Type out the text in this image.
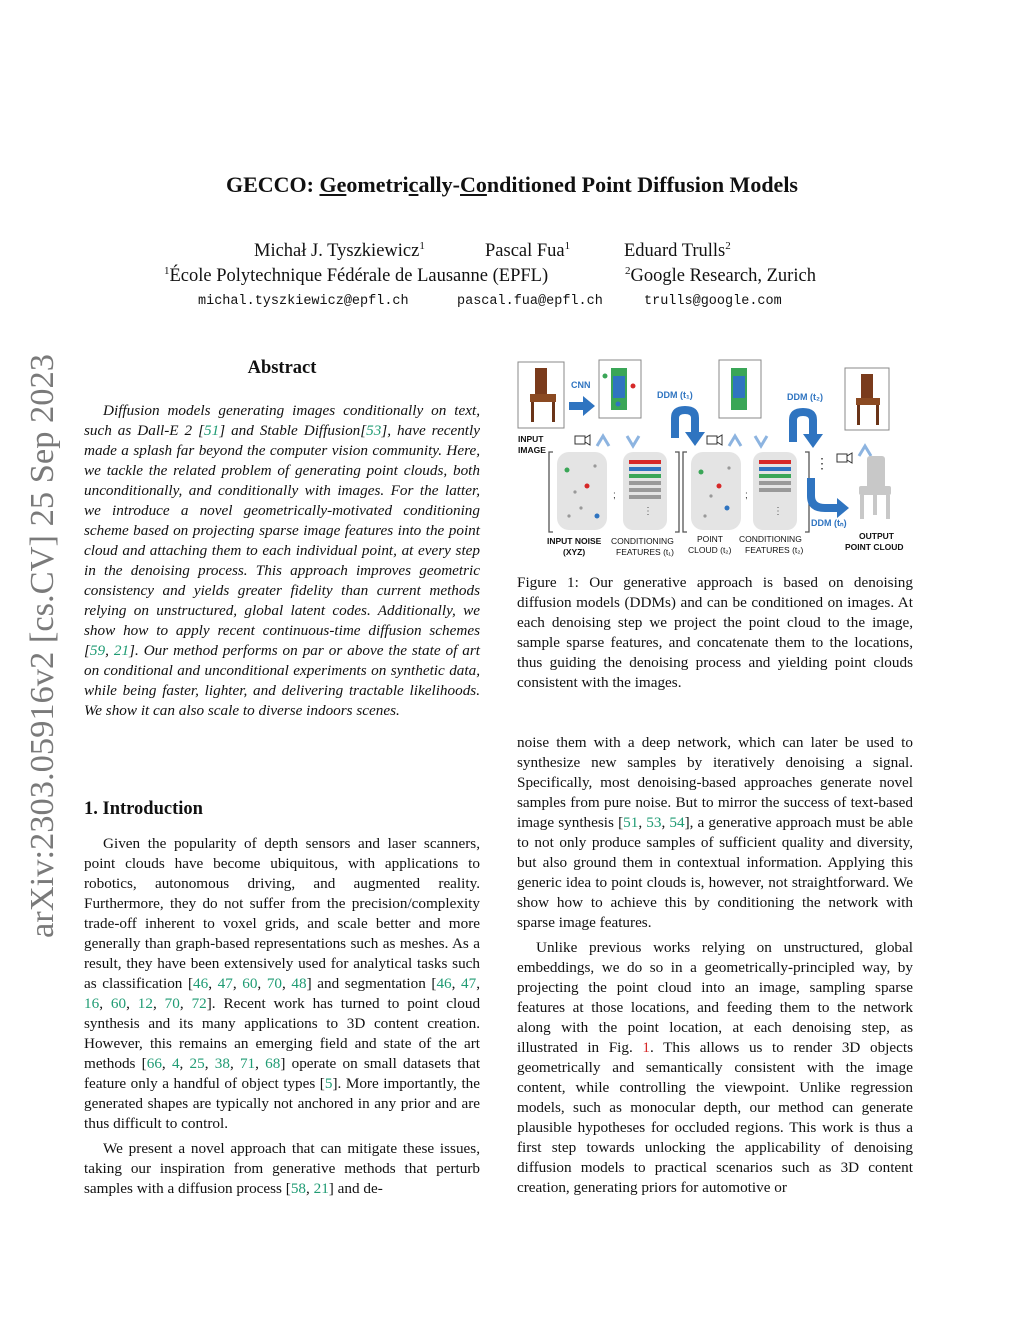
arXiv:2303.05916v2 [cs.CV] 25 Sep 2023
GECCO: Geometrically-Conditioned Point Diffusion Models
Michał J. Tyszkiewicz$^1$	Pascal Fua$^1$	Eduard Trulls$^2$
$^1$École Polytechnique Fédérale de Lausanne (EPFL)	$^2$Google Research, Zurich
michal.tyszkiewicz@epfl.ch	pascal.fua@epfl.ch	trulls@google.com
Abstract

Diffusion models generating images conditionally on text, such as Dall-E 2 [51] and Stable Diffusion[53], have recently made a splash far beyond the computer vision community. Here, we tackle the related problem of generating point clouds, both unconditionally, and conditionally with images. For the latter, we introduce a novel geometrically-motivated conditioning scheme based on projecting sparse image features into the point cloud and attaching them to each individual point, at every step in the denoising process. This approach improves geometric consistency and yields greater fidelity than current methods relying on unstructured, global latent codes. Additionally, we show how to apply recent continuous-time diffusion schemes [59, 21]. Our method performs on par or above the state of art on conditional and unconditional experiments on synthetic data, while being faster, lighter, and delivering tractable likelihoods. We show it can also scale to diverse indoors scenes.

1. Introduction

Given the popularity of depth sensors and laser scanners, point clouds have become ubiquitous, with applications to robotics, autonomous driving, and augmented reality. Furthermore, they do not suffer from the precision/complexity trade-off inherent to voxel grids, and scale better and more generally than graph-based representations such as meshes. As a result, they have been extensively used for analytical tasks such as classification [46, 47, 60, 70, 48] and segmentation [46, 47, 16, 60, 12, 70, 72]. Recent work has turned to point cloud synthesis and its many applications to 3D content creation. However, this remains an emerging field and state of the art methods [66, 4, 25, 38, 71, 68] operate on small datasets that feature only a handful of object types [5]. More importantly, the generated shapes are typically not anchored in any prior and are thus difficult to control.

We present a novel approach that can mitigate these issues, taking our inspiration from generative methods that perturb samples with a diffusion process [58, 21] and de-

INPUT
IMAGE
CNN
DDM (t₁)	DDM (t₂)
;
⋮
;
⋮
⋮
DDM (tₙ)
INPUT NOISE
(XYZ)
CONDITIONING
FEATURES (t₁)
POINT
CLOUD (t₂)
CONDITIONING
FEATURES (t₂)
OUTPUT
POINT CLOUD

Figure 1: Our generative approach is based on denoising diffusion models (DDMs) and can be conditioned on images. At each denoising step we project the point cloud to the image, sample sparse features, and concatenate them to the locations, thus guiding the denoising process and yielding point clouds consistent with the images.

noise them with a deep network, which can later be used to synthesize new samples by iteratively denoising a signal. Specifically, most denoising-based approaches generate novel samples from pure noise. But to mirror the success of text-based image synthesis [51, 53, 54], a generative approach must be able to not only produce samples of sufficient quality and diversity, but also ground them in contextual information. Applying this generic idea to point clouds is, however, not straightforward. We show how to achieve this by conditioning the network with sparse image features.

Unlike previous works relying on unstructured, global embeddings, we do so in a geometrically-principled way, by projecting the point cloud into an image, sampling sparse features at those locations, and feeding them to the network along with the point location, at each denoising step, as illustrated in Fig. 1. This allows us to render 3D objects geometrically and semantically consistent with the image content, while controlling the viewpoint. Unlike regression models, such as monocular depth, our method can generate plausible hypotheses for occluded regions. This work is thus a first step towards unlocking the applicability of denoising diffusion models to practical scenarios such as 3D content creation, generating priors for automotive or
